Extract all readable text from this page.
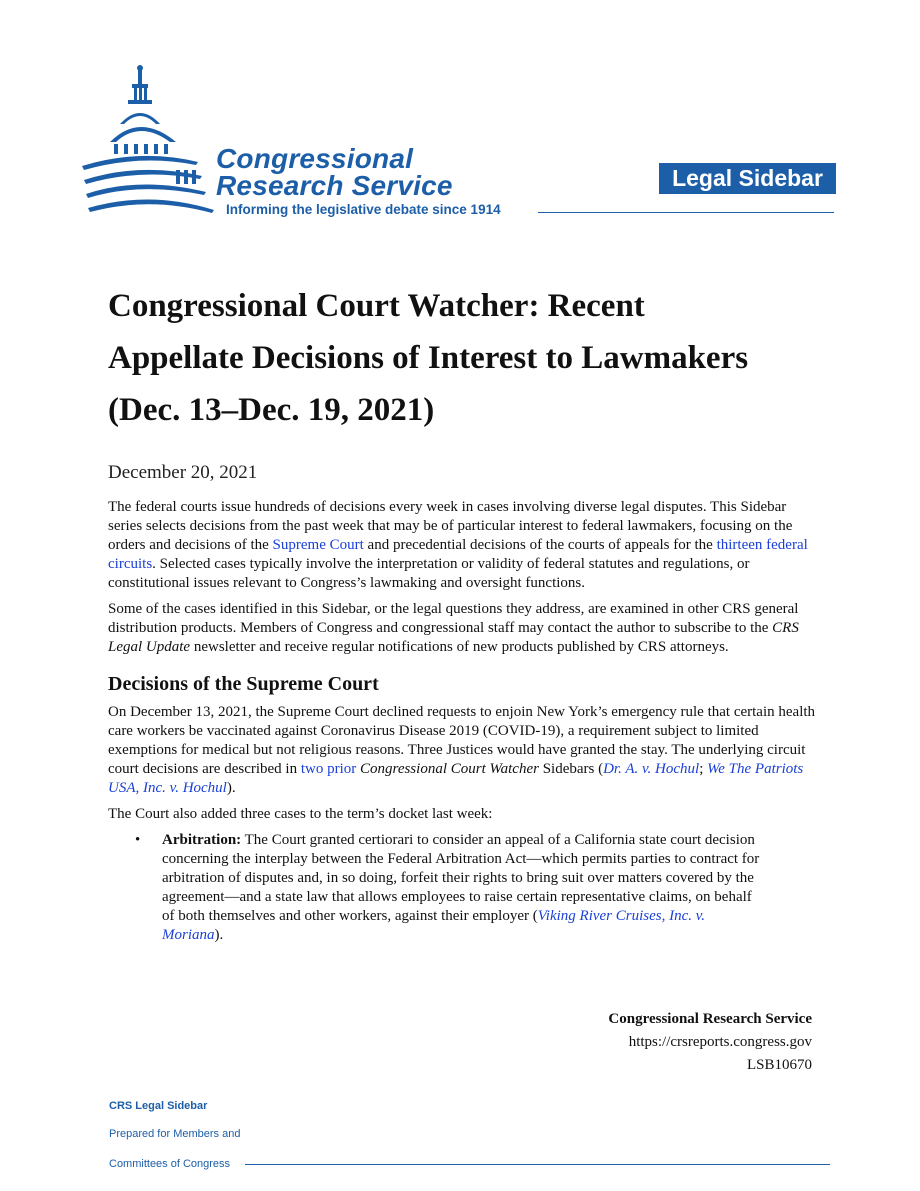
Congressional
Research Service
Informing the legislative debate since 1914
Legal Sidebar
Congressional Court Watcher: Recent
Appellate Decisions of Interest to Lawmakers
(Dec. 13–Dec. 19, 2021)
December 20, 2021

The federal courts issue hundreds of decisions every week in cases involving diverse legal disputes. This Sidebar series selects decisions from the past week that may be of particular interest to federal lawmakers, focusing on the orders and decisions of the Supreme Court and precedential decisions of the courts of appeals for the thirteen federal circuits. Selected cases typically involve the interpretation or validity of federal statutes and regulations, or constitutional issues relevant to Congress’s lawmaking and oversight functions.

Some of the cases identified in this Sidebar, or the legal questions they address, are examined in other CRS general distribution products. Members of Congress and congressional staff may contact the author to subscribe to the CRS Legal Update newsletter and receive regular notifications of new products published by CRS attorneys.

Decisions of the Supreme Court

On December 13, 2021, the Supreme Court declined requests to enjoin New York’s emergency rule that certain health care workers be vaccinated against Coronavirus Disease 2019 (COVID-19), a requirement subject to limited exemptions for medical but not religious reasons. Three Justices would have granted the stay. The underlying circuit court decisions are described in two prior Congressional Court Watcher Sidebars (Dr. A. v. Hochul; We The Patriots USA, Inc. v. Hochul).

The Court also added three cases to the term’s docket last week:

• Arbitration: The Court granted certiorari to consider an appeal of a California state court decision concerning the interplay between the Federal Arbitration Act—which permits parties to contract for arbitration of disputes and, in so doing, forfeit their rights to bring suit over matters covered by the agreement—and a state law that allows employees to raise certain representative claims, on behalf of both themselves and other workers, against their employer (Viking River Cruises, Inc. v. Moriana).
Congressional Research Service
https://crsreports.congress.gov
LSB10670
CRS Legal Sidebar
Prepared for Members and
Committees of Congress
